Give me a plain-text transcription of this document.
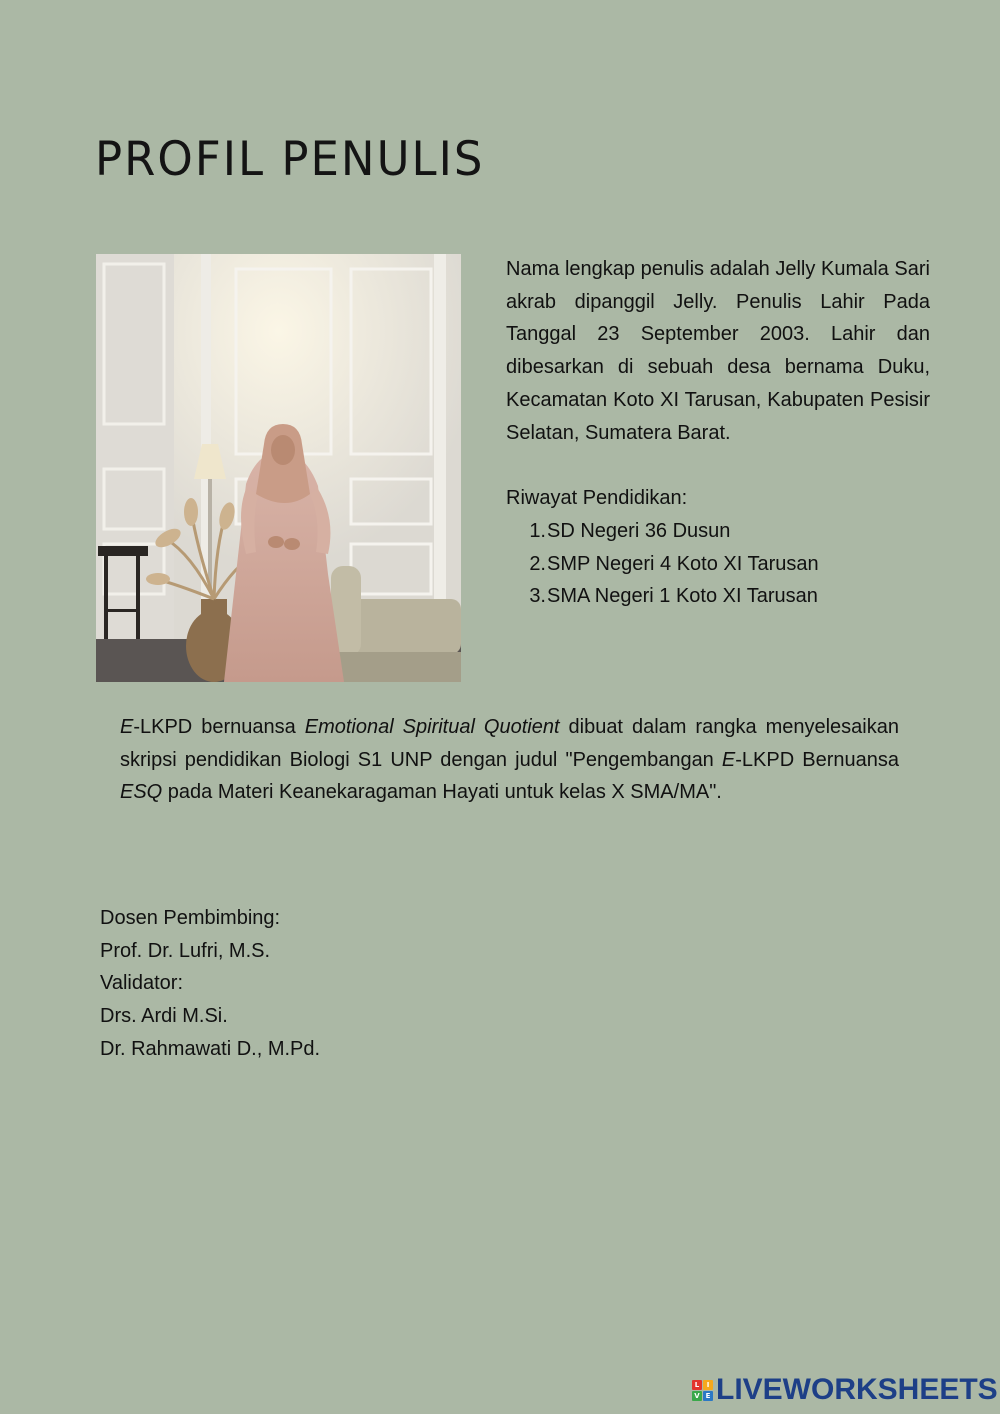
PROFIL PENULIS

Nama lengkap penulis adalah Jelly Kumala Sari akrab dipanggil Jelly. Penulis Lahir Pada Tanggal 23 September 2003. Lahir dan dibesarkan di sebuah desa bernama Duku, Kecamatan Koto XI Tarusan, Kabupaten Pesisir Selatan, Sumatera Barat.

Riwayat Pendidikan:

1. SD Negeri 36 Dusun
2. SMP Negeri 4 Koto XI Tarusan
3. SMA Negeri 1 Koto XI Tarusan

E-LKPD bernuansa Emotional Spiritual Quotient dibuat dalam rangka menyelesaikan skripsi pendidikan Biologi S1 UNP dengan judul "Pengembangan E-LKPD Bernuansa ESQ pada Materi Keanekaragaman Hayati untuk kelas X SMA/MA".

Dosen Pembimbing:
Prof. Dr. Lufri, M.S.
Validator:
Drs. Ardi M.Si.
Dr. Rahmawati D., M.Pd.
L	I
V E LIVEWORKSHEETS
